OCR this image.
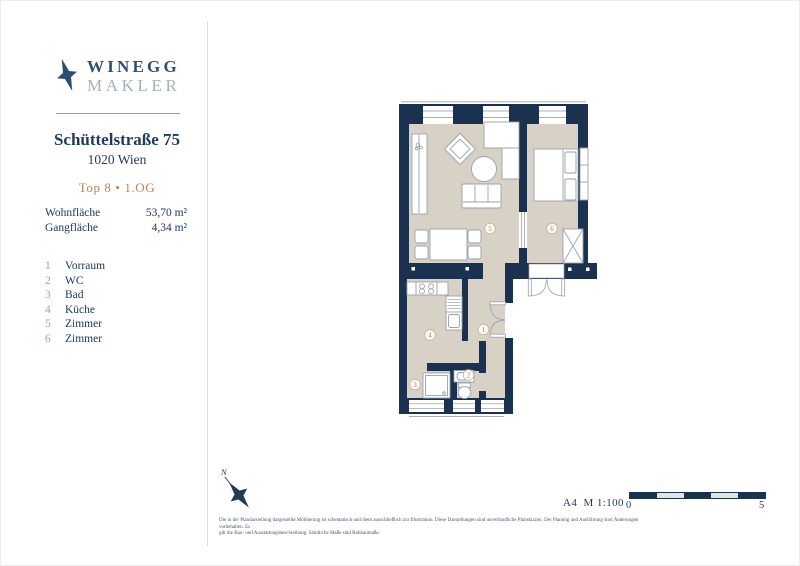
WINEGG
MAKLER
Schüttelstraße 75
1020 Wien
Top 8 • 1.OG
Wohnfläche	53,70 m²
Gangfläche	4,34 m²
1	Vorraum
2	WC
3	Bad
4	Küche
5	Zimmer
6	Zimmer
1
2
3
4
5	6
N
A4  M 1:100 0	5
Die in der Plandarstellung dargestellte Möblierung ist schematisch und dient ausschließlich zur Illustration. Diese Darstellungen sind unverbindliche Planskizzen. Der Planung und Ausführung sind Änderungen vorbehalten. Es
gilt die Bau- und Ausstattungsbeschreibung. Sämtliche Maße sind Rohbaumaße.
